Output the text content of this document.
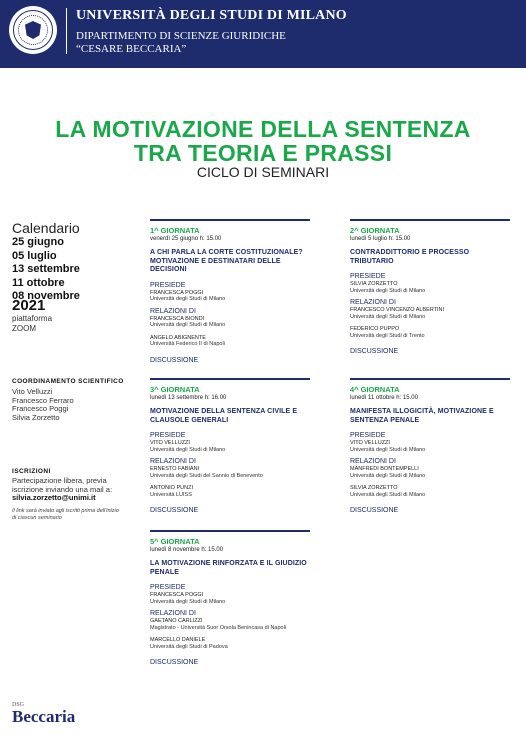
UNIVERSITÀ DEGLI STUDI DI MILANO
DIPARTIMENTO DI SCIENZE GIURIDICHE
“CESARE BECCARIA”
LA MOTIVAZIONE DELLA SENTENZA
TRA TEORIA E PRASSI
CICLO DI SEMINARI
Calendario
25 giugno
05 luglio
13 settembre
11 ottobre
08 novembre
2021
piattaforma
ZOOM
COORDINAMENTO SCIENTIFICO
Vito Velluzzi
Francesco Ferraro
Francesco Poggi
Silvia Zorzetto
ISCRIZIONI
Partecipazione libera, previa iscrizione inviando una mail a:
silvia.zorzetto@unimi.it
Il link sarà inviato agli iscritti prima dell'inizio di ciascun seminario
1^ GIORNATA
venerdì 25 giugno h: 15.00
A CHI PARLA LA CORTE COSTITUZIONALE? MOTIVAZIONE E DESTINATARI DELLE DECISIONI
PRESIEDE
FRANCESCA POGGI
Università degli Studi di Milano
RELAZIONI DI
FRANCESCA BIONDI
Università degli Studi di Milano
ANGELO ABIGNENTE
Università Federico II di Napoli
DISCUSSIONE
2^ GIORNATA
lunedì 5 luglio h: 15.00
CONTRADDITTORIO E PROCESSO TRIBUTARIO
PRESIEDE
SILVIA ZORZETTO
Università degli Studi di Milano
RELAZIONI DI
FRANCESCO VINCENZO ALBERTINI
Università degli Studi di Milano
FEDERICO PUPPO
Università degli Studi di Trento
DISCUSSIONE
3^ GIORNATA
lunedì 13 settembre h: 16.00
MOTIVAZIONE DELLA SENTENZA CIVILE E CLAUSOLE GENERALI
PRESIEDE
VITO VELLUZZI
Università degli Studi di Milano
RELAZIONI DI
ERNESTO FABIANI
Università degli Studi del Sannio di Benevento
ANTONIO PUNZI
Università LUISS
DISCUSSIONE
4^ GIORNATA
lunedì 11 ottobre h: 15.00
MANIFESTA ILLOGICITÀ, MOTIVAZIONE E SENTENZA PENALE
PRESIEDE
VITO VELLUZZI
Università degli Studi di Milano
RELAZIONI DI
MANFREDI BONTEMPELLI
Università degli Studi di Milano
SILVIA ZORZETTO
Università degli Studi di Milano
DISCUSSIONE
5^ GIORNATA
lunedì 8 novembre h: 15.00
LA MOTIVAZIONE RINFORZATA E IL GIUDIZIO PENALE
PRESIEDE
FRANCESCA POGGI
Università degli Studi di Milano
RELAZIONI DI
GAETANO CARLIZZI
Magistrato - Università Suor Orsola Benincasa di Napoli
MARCELLO DANIELE
Università degli Studi di Padova
DISCUSSIONE
DSG
Beccaria
